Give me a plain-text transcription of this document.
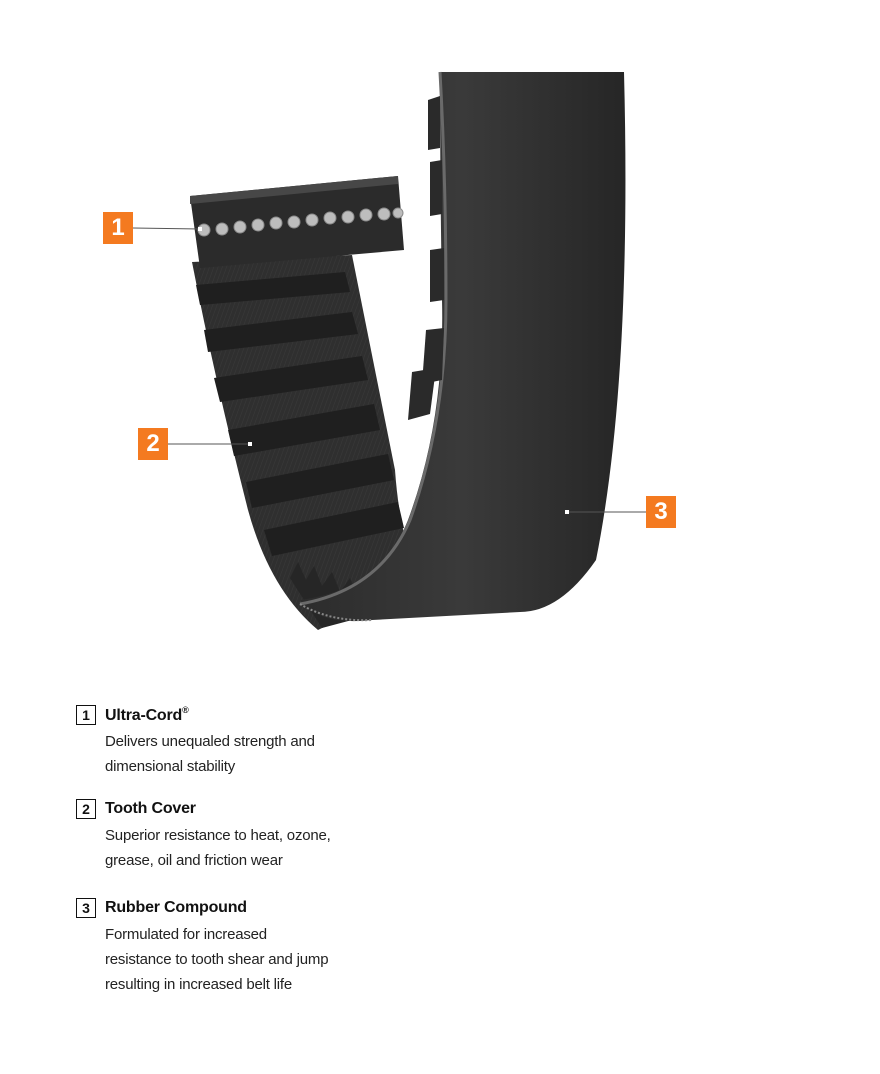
1
2
3
1 Ultra-Cord®
Delivers unequaled strength and
dimensional stability
2 Tooth Cover
Superior resistance to heat, ozone,
grease, oil and friction wear
3 Rubber Compound
Formulated for increased
resistance to tooth shear and jump
resulting in increased belt life
